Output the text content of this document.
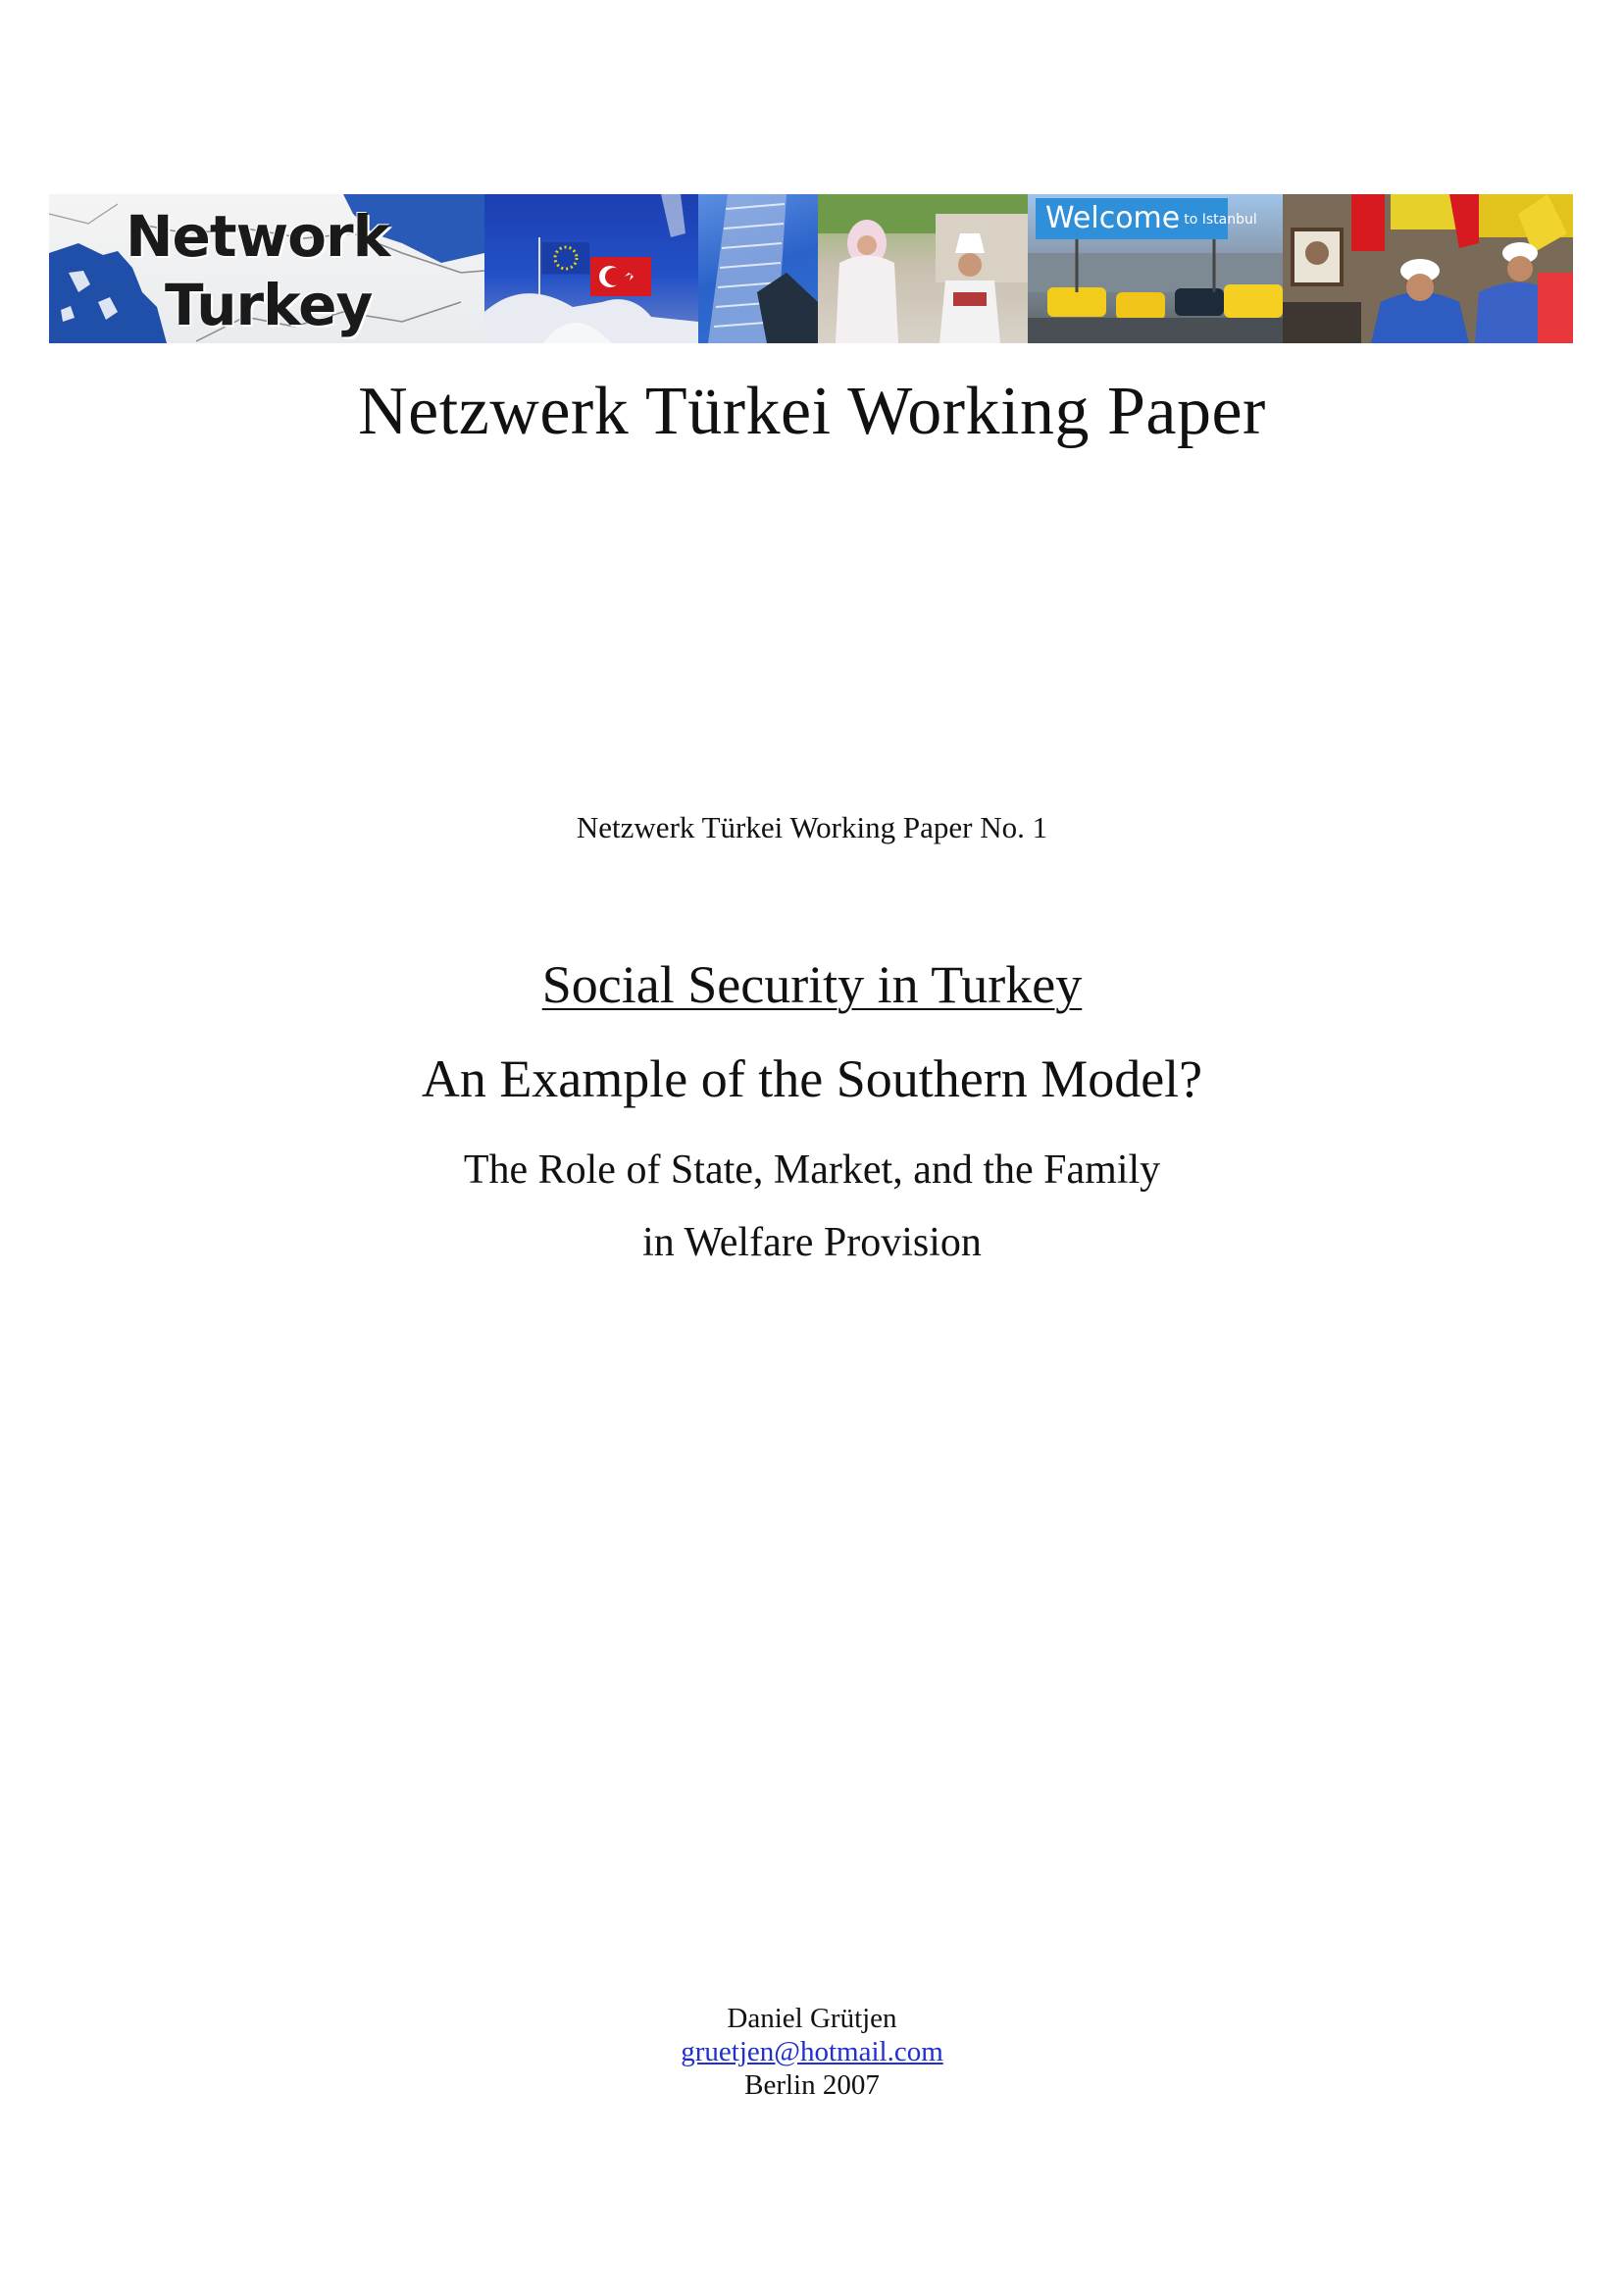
Network
Turkey
Welcome to Istanbul
Netzwerk Türkei Working Paper
Netzwerk Türkei Working Paper No. 1
Social Security in Turkey
An Example of the Southern Model?
The Role of State, Market, and the Family
in Welfare Provision
Daniel Grütjen
gruetjen@hotmail.com
Berlin 2007
